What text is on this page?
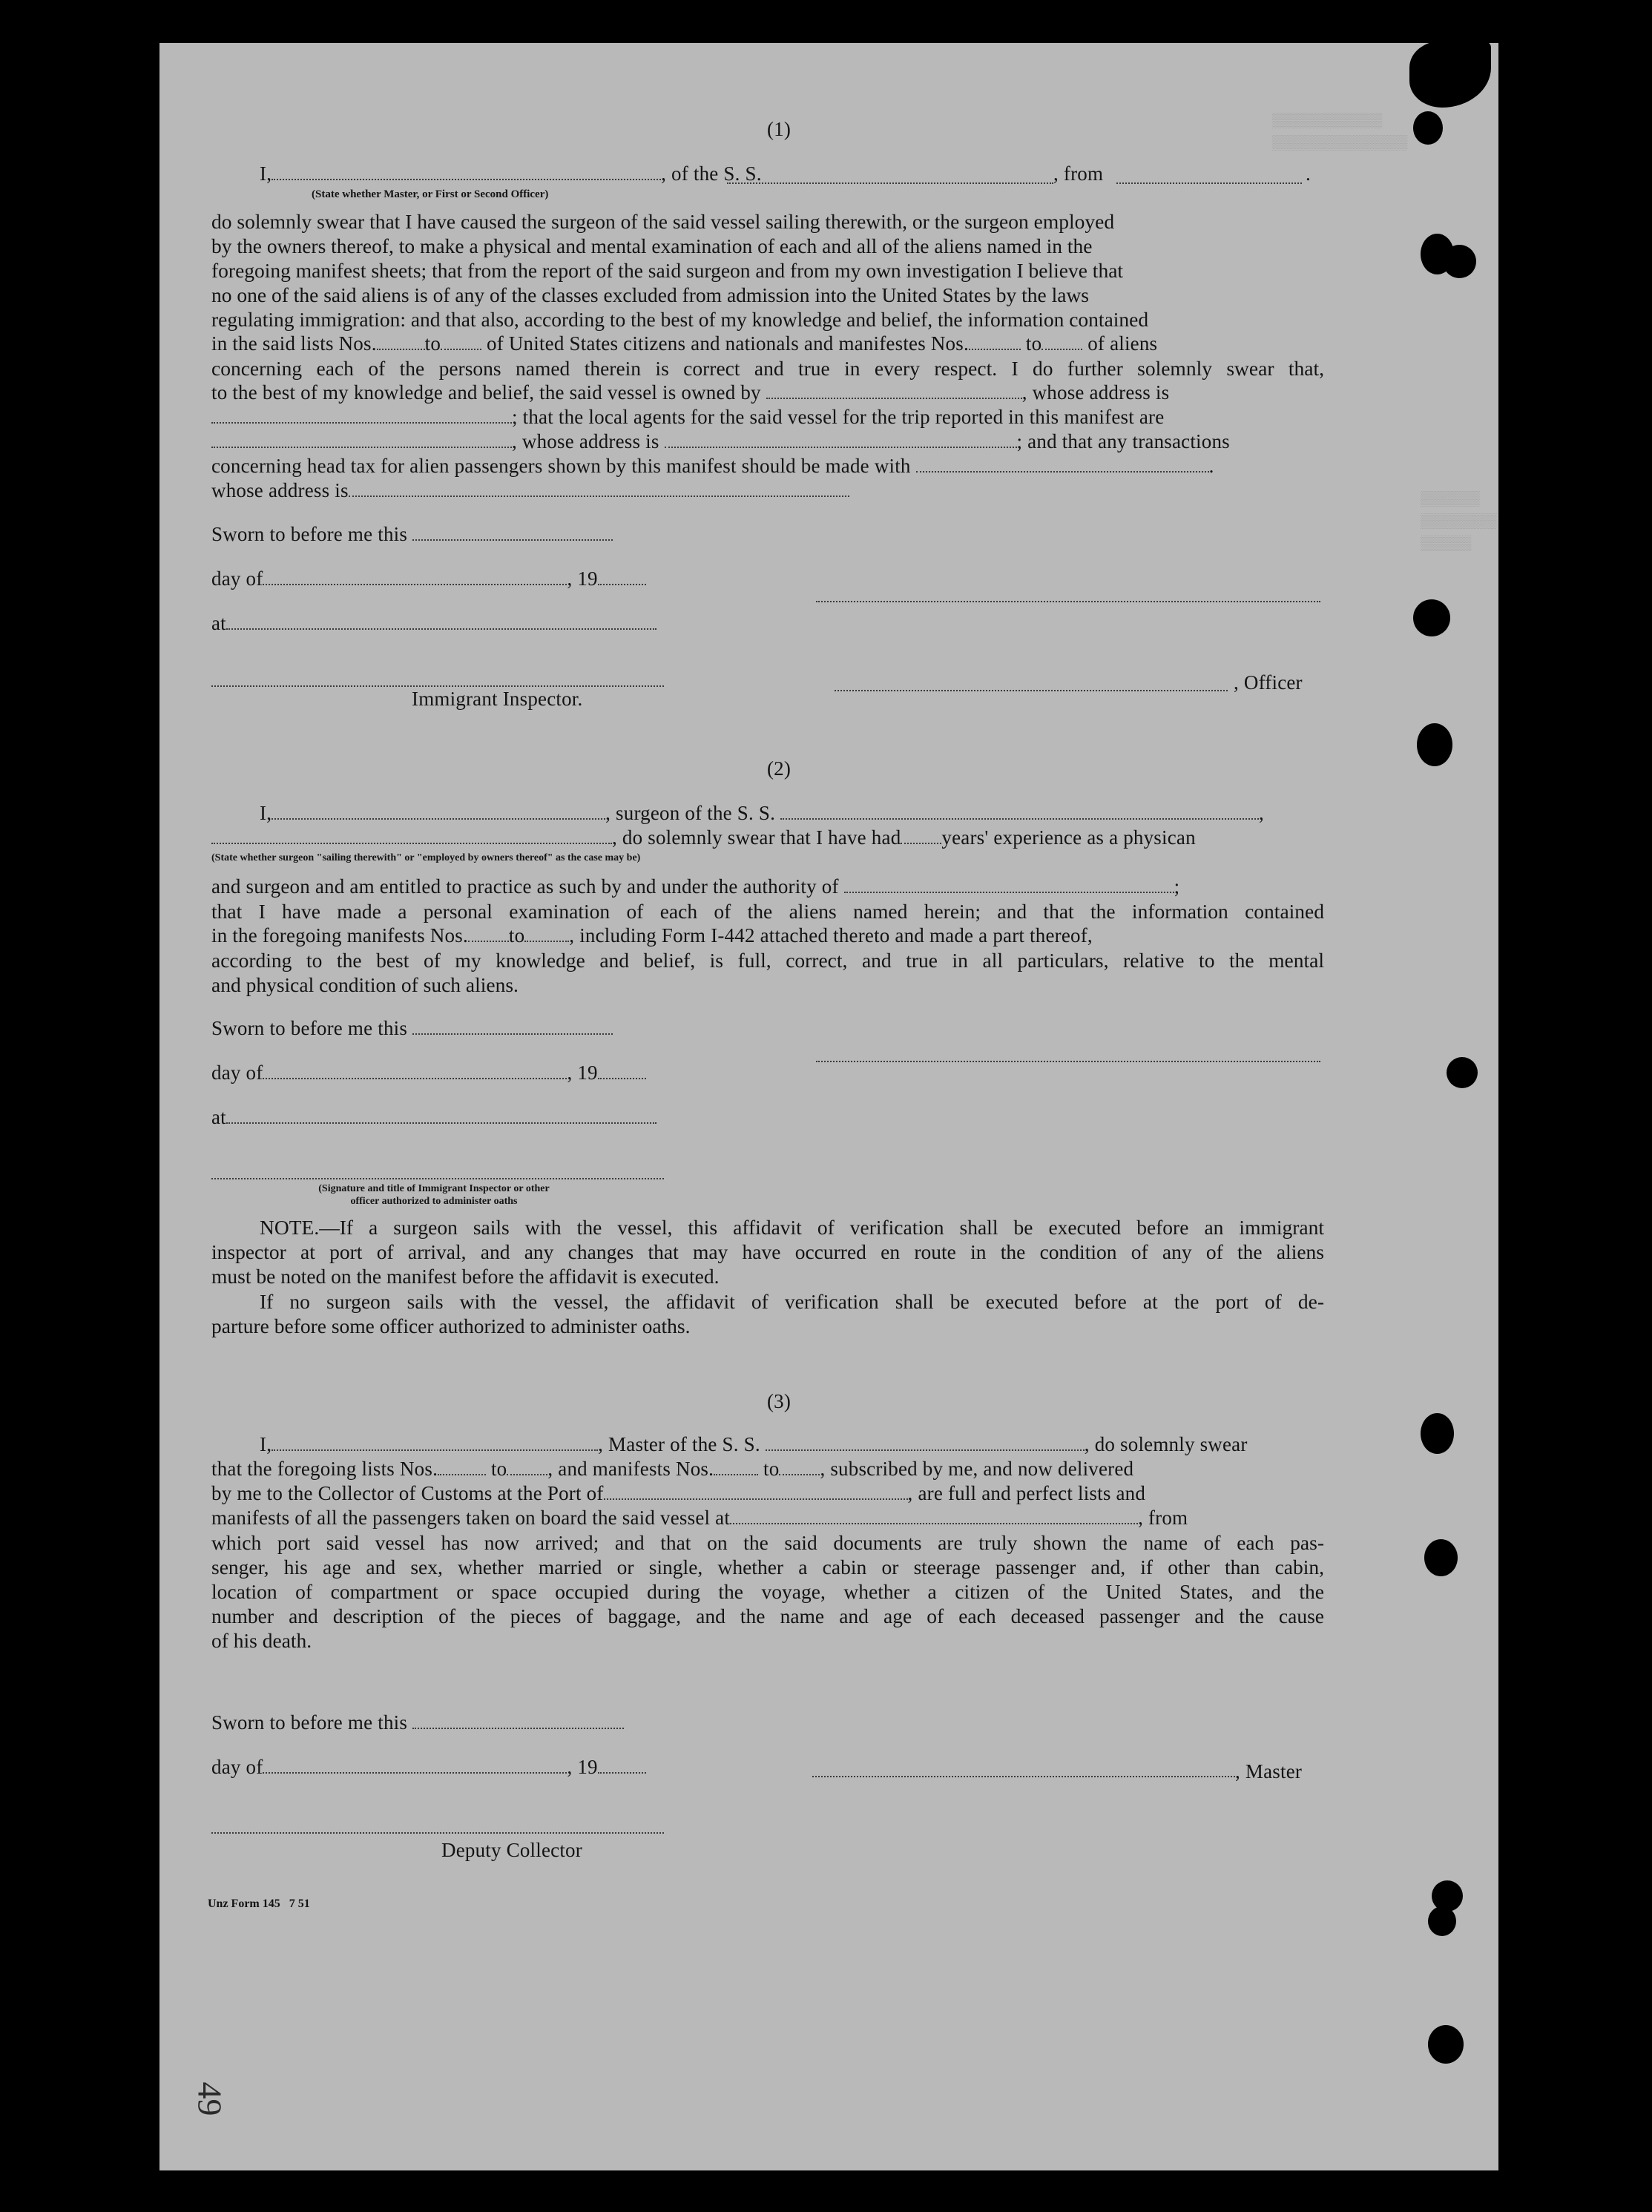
▒▒▒▒▒▒▒▒▒▒▒▒▒
▒▒▒▒▒▒▒▒▒▒▒▒▒▒▒▒
▒▒▒▒▒▒▒
▒▒▒▒▒▒▒▒▒
▒▒▒▒▒▒
(1)
I,	, of the S. S.	, from	.
(State whether Master, or First or Second Officer)
do solemnly swear that I have caused the surgeon of the said vessel sailing therewith, or the surgeon employed
by the owners thereof, to make a physical and mental examination of each and all of the aliens named in the
foregoing manifest sheets; that from the report of the said surgeon and from my own investigation I believe that
no one of the said aliens is of any of the classes excluded from admission into the United States by the laws
regulating immigration: and that also, according to the best of my knowledge and belief, the information contained
in the said lists Nos. to of United States citizens and nationals and manifestes Nos.	to of aliens
concerning each of the persons named therein is correct and true in every respect. I do further solemnly swear that,
to the best of my knowledge and belief, the said vessel is owned by	, whose address is
; that the local agents for the said vessel for the trip reported in this manifest are
, whose address is	; and that any transactions
concerning head tax for alien passengers shown by this manifest should be made with	.
whose address is
Sworn to before me this
day of	, 19
at
, Officer
Immigrant Inspector.
(2)
I,	, surgeon of the S. S.	,
, do solemnly swear that I have had years' experience as a physican
(State whether surgeon "sailing therewith" or "employed by owners thereof" as the case may be)
and surgeon and am entitled to practice as such by and under the authority of	;
that I have made a personal examination of each of the aliens named herein; and that the information contained
in the foregoing manifests Nos. to , including Form I-442 attached thereto and made a part thereof,
according to the best of my knowledge and belief, is full, correct, and true in all particulars, relative to the mental
and physical condition of such aliens.
Sworn to before me this
day of	, 19
at
(Signature and title of Immigrant Inspector or other
officer authorized to administer oaths
NOTE.—If a surgeon sails with the vessel, this affidavit of verification shall be executed before an immigrant
inspector at port of arrival, and any changes that may have occurred en route in the condition of any of the aliens
must be noted on the manifest before the affidavit is executed.
If no surgeon sails with the vessel, the affidavit of verification shall be executed before at the port of de-
parture before some officer authorized to administer oaths.
(3)
I,	, Master of the S. S.	, do solemnly swear
that the foregoing lists Nos.	to , and manifests Nos. to , subscribed by me, and now delivered
by me to the Collector of Customs at the Port of	, are full and perfect lists and
manifests of all the passengers taken on board the said vessel at	, from
which port said vessel has now arrived; and that on the said documents are truly shown the name of each pas-
senger, his age and sex, whether married or single, whether a cabin or steerage passenger and, if other than cabin,
location of compartment or space occupied during the voyage, whether a citizen of the United States, and the
number and description of the pieces of baggage, and the name and age of each deceased passenger and the cause
of his death.
Sworn to before me this
day of	, 19	, Master
Deputy Collector
Unz Form 145   7 51
49
